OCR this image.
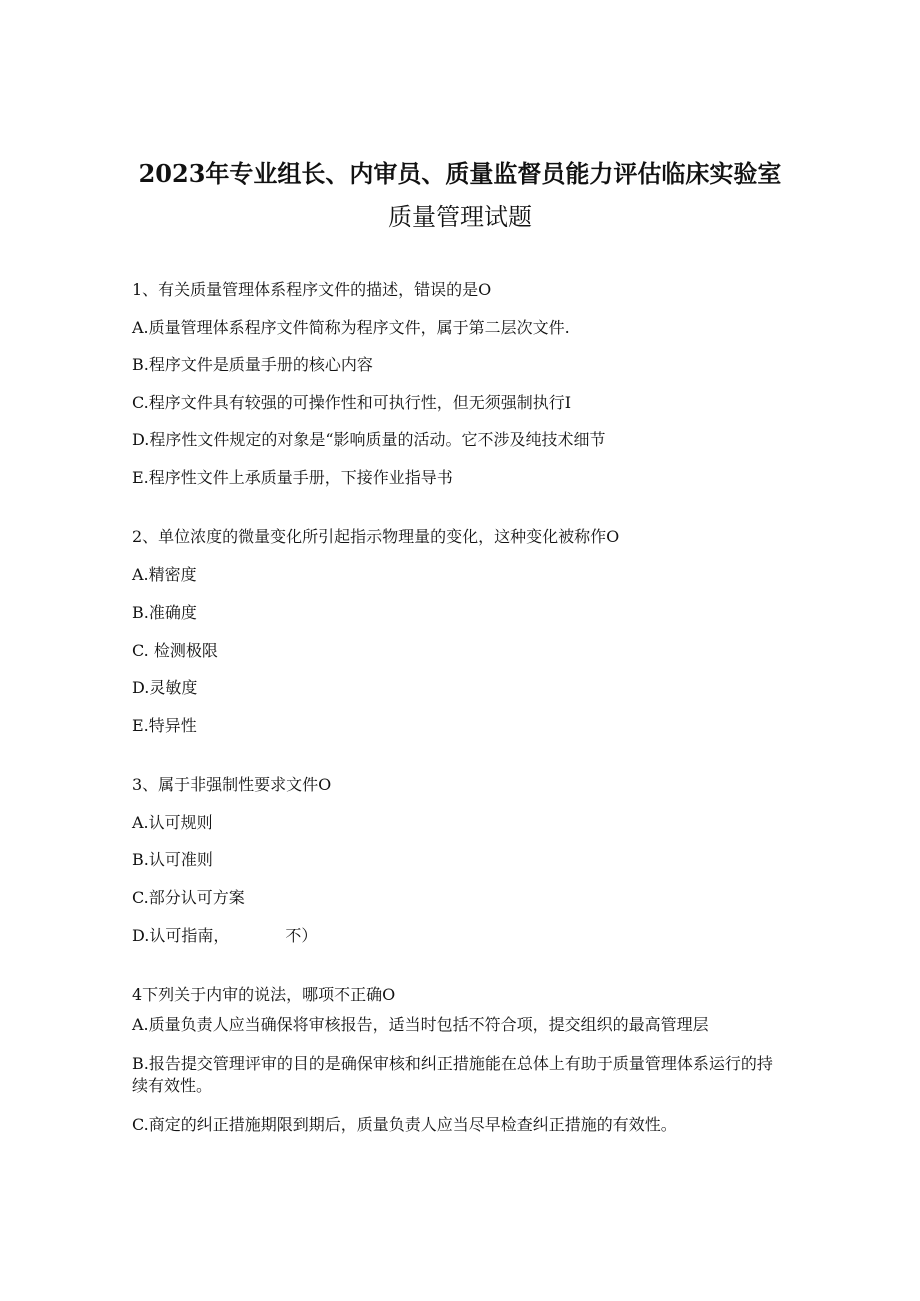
2023年专业组长、内审员、质量监督员能力评估临床实验室
质量管理试题
1、有关质量管理体系程序文件的描述，错误的是O
A.质量管理体系程序文件简称为程序文件，属于第二层次文件.
B.程序文件是质量手册的核心内容
C.程序文件具有较强的可操作性和可执行性，但无须强制执行I
D.程序性文件规定的对象是“影响质量的活动。它不涉及纯技术细节
E.程序性文件上承质量手册，下接作业指导书
2、单位浓度的微量变化所引起指示物理量的变化，这种变化被称作O
A.精密度
B.准确度
C. 检测极限
D.灵敏度
E.特异性
3、属于非强制性要求文件O
A.认可规则
B.认可准则
C.部分认可方案
D.认可指南，	不）
4下列关于内审的说法，哪项不正确O
A.质量负责人应当确保将审核报告，适当时包括不符合项，提交组织的最高管理层
B.报告提交管理评审的目的是确保审核和纠正措施能在总体上有助于质量管理体系运行的持续有效性。
C.商定的纠正措施期限到期后，质量负责人应当尽早检查纠正措施的有效性。
